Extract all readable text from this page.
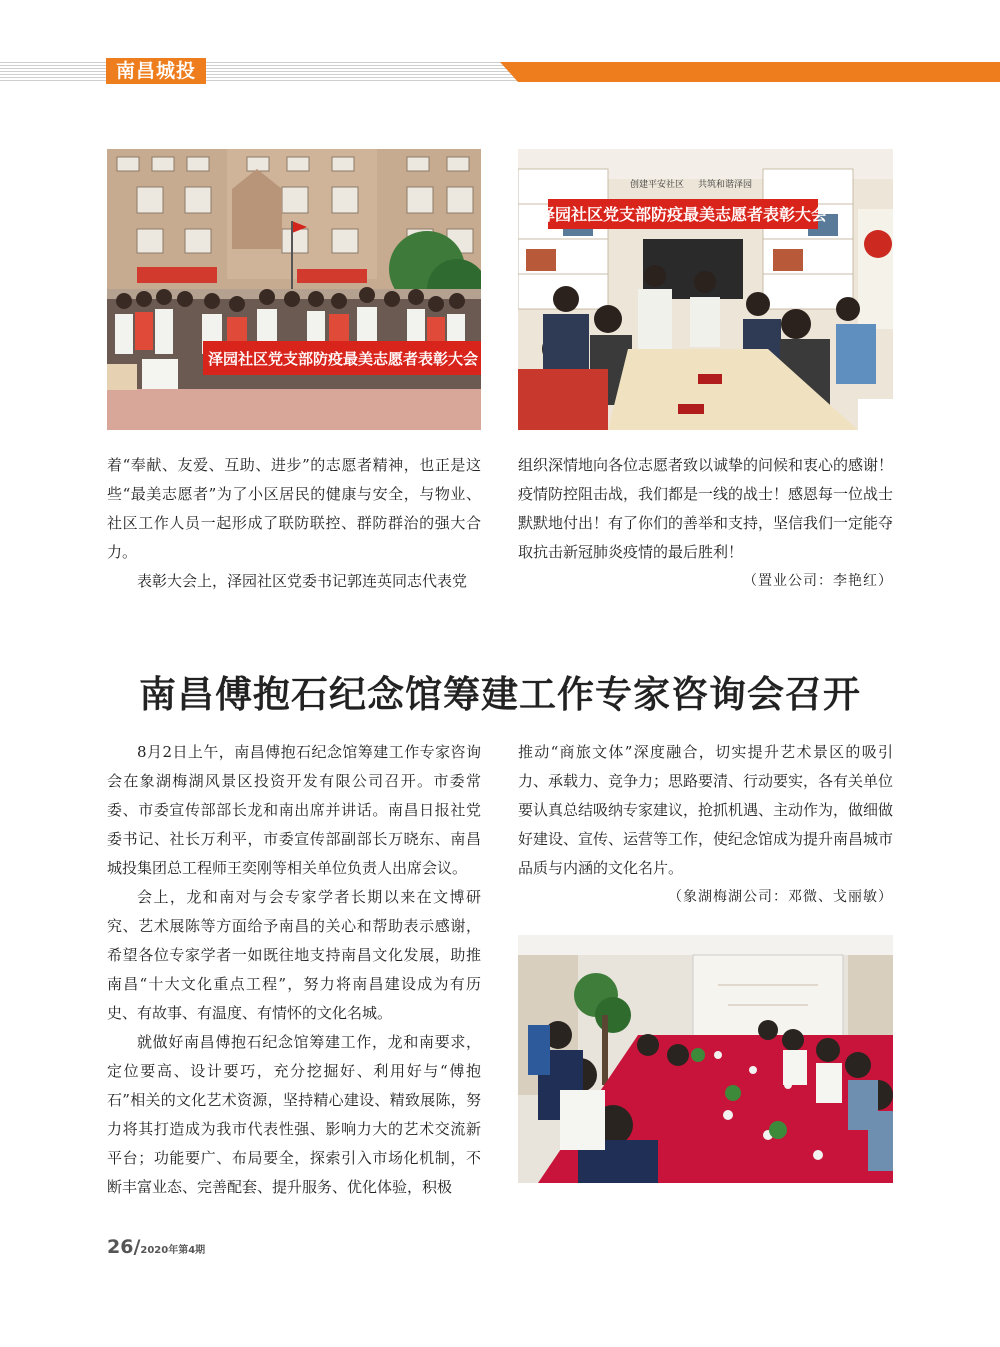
南昌城投
泽园社区党支部防疫最美志愿者表彰大会
创建平安社区 共筑和谐泽园
泽园社区党支部防疫最美志愿者表彰大会

着“奉献、友爱、互助、进步”的志愿者精神，也正是这些“最美志愿者”为了小区居民的健康与安全，与物业、社区工作人员一起形成了联防联控、群防群治的强大合力。

表彰大会上，泽园社区党委书记郭连英同志代表党

组织深情地向各位志愿者致以诚挚的问候和衷心的感谢！疫情防控阻击战，我们都是一线的战士！感恩每一位战士默默地付出！有了你们的善举和支持，坚信我们一定能夺取抗击新冠肺炎疫情的最后胜利！

（置业公司：李艳红）

南昌傅抱石纪念馆筹建工作专家咨询会召开

8月2日上午，南昌傅抱石纪念馆筹建工作专家咨询会在象湖梅湖风景区投资开发有限公司召开。市委常委、市委宣传部部长龙和南出席并讲话。南昌日报社党委书记、社长万利平，市委宣传部副部长万晓东、南昌城投集团总工程师王奕刚等相关单位负责人出席会议。

会上，龙和南对与会专家学者长期以来在文博研究、艺术展陈等方面给予南昌的关心和帮助表示感谢，希望各位专家学者一如既往地支持南昌文化发展，助推南昌“十大文化重点工程”，努力将南昌建设成为有历史、有故事、有温度、有情怀的文化名城。

就做好南昌傅抱石纪念馆筹建工作，龙和南要求，定位要高、设计要巧，充分挖掘好、利用好与“傅抱石”相关的文化艺术资源，坚持精心建设、精致展陈，努力将其打造成为我市代表性强、影响力大的艺术交流新平台；功能要广、布局要全，探索引入市场化机制，不断丰富业态、完善配套、提升服务、优化体验，积极

推动“商旅文体”深度融合，切实提升艺术景区的吸引力、承载力、竞争力；思路要清、行动要实，各有关单位要认真总结吸纳专家建议，抢抓机遇、主动作为，做细做好建设、宣传、运营等工作，使纪念馆成为提升南昌城市品质与内涵的文化名片。

（象湖梅湖公司：邓微、戈丽敏）

26/2020年第4期
